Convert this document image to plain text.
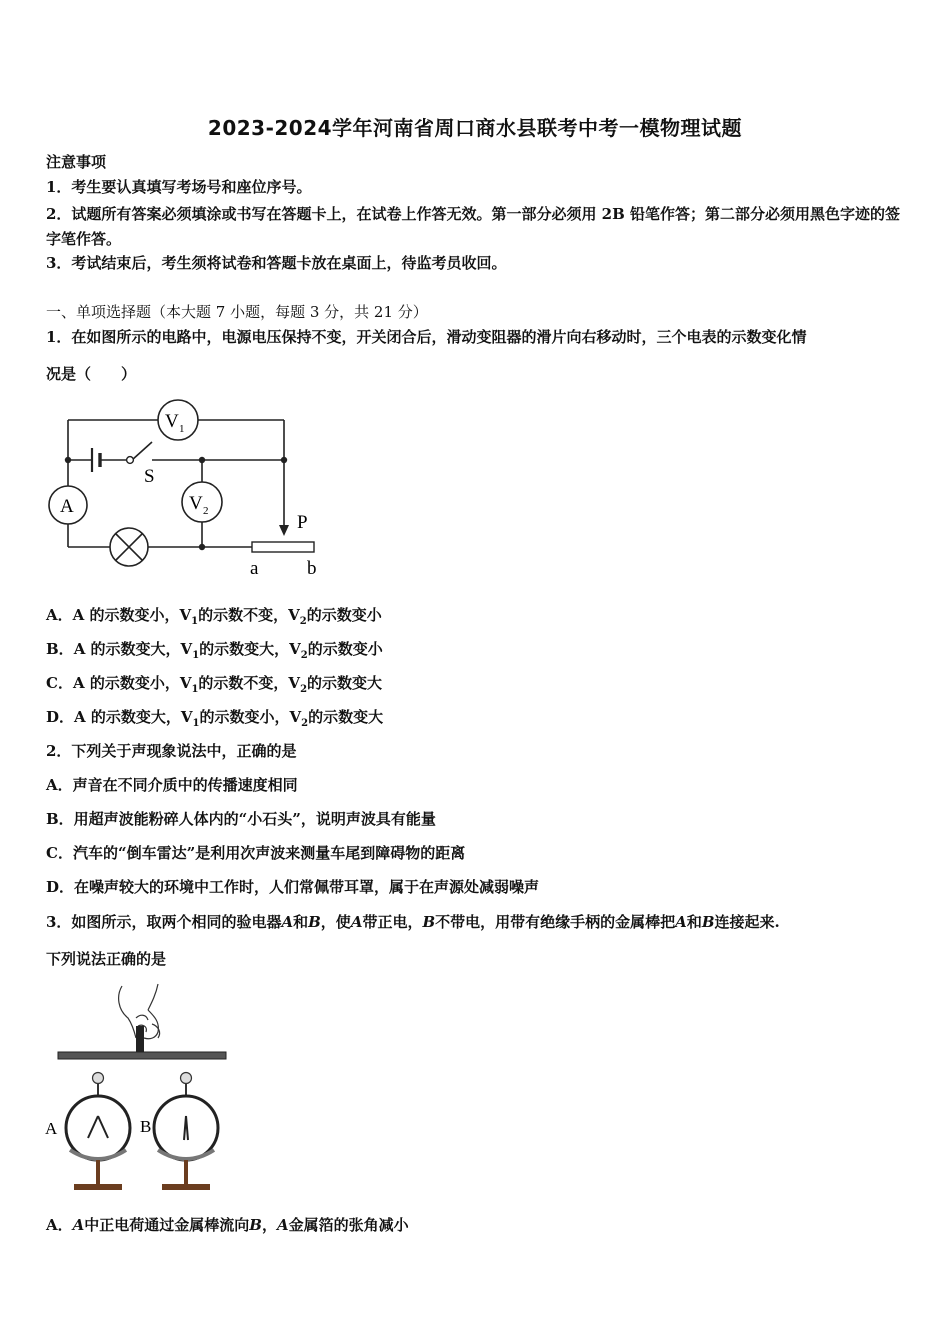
2023-2024学年河南省周口商水县联考中考一模物理试题
注意事项
1．考生要认真填写考场号和座位序号。
2．试题所有答案必须填涂或书写在答题卡上，在试卷上作答无效。第一部分必须用 2B 铅笔作答；第二部分必须用黑色字迹的签字笔作答。
3．考试结束后，考生须将试卷和答题卡放在桌面上，待监考员收回。
一、单项选择题（本大题 7 小题，每题 3 分，共 21 分）
1．在如图所示的电路中，电源电压保持不变，开关闭合后，滑动变阻器的滑片向右移动时，三个电表的示数变化情
况是（　　）
V 1
V 2
A
S
P
a	b
A．A 的示数变小，$V_1$的示数不变，$V_2$的示数变小
B．A 的示数变大，$V_1$的示数变大，$V_2$的示数变小
C．A 的示数变小，$V_1$的示数不变，$V_2$的示数变大
D．A 的示数变大，$V_1$的示数变小，$V_2$的示数变大
2．下列关于声现象说法中，正确的是
A．声音在不同介质中的传播速度相同
B．用超声波能粉碎人体内的“小石头”，说明声波具有能量
C．汽车的“倒车雷达”是利用次声波来测量车尾到障碍物的距离
D．在噪声较大的环境中工作时，人们常佩带耳罩，属于在声源处减弱噪声
3．如图所示，取两个相同的验电器A和B，使A带正电，B不带电，用带有绝缘手柄的金属棒把A和B连接起来.
下列说法正确的是
A	B
A．A中正电荷通过金属棒流向B，A金属箔的张角减小
